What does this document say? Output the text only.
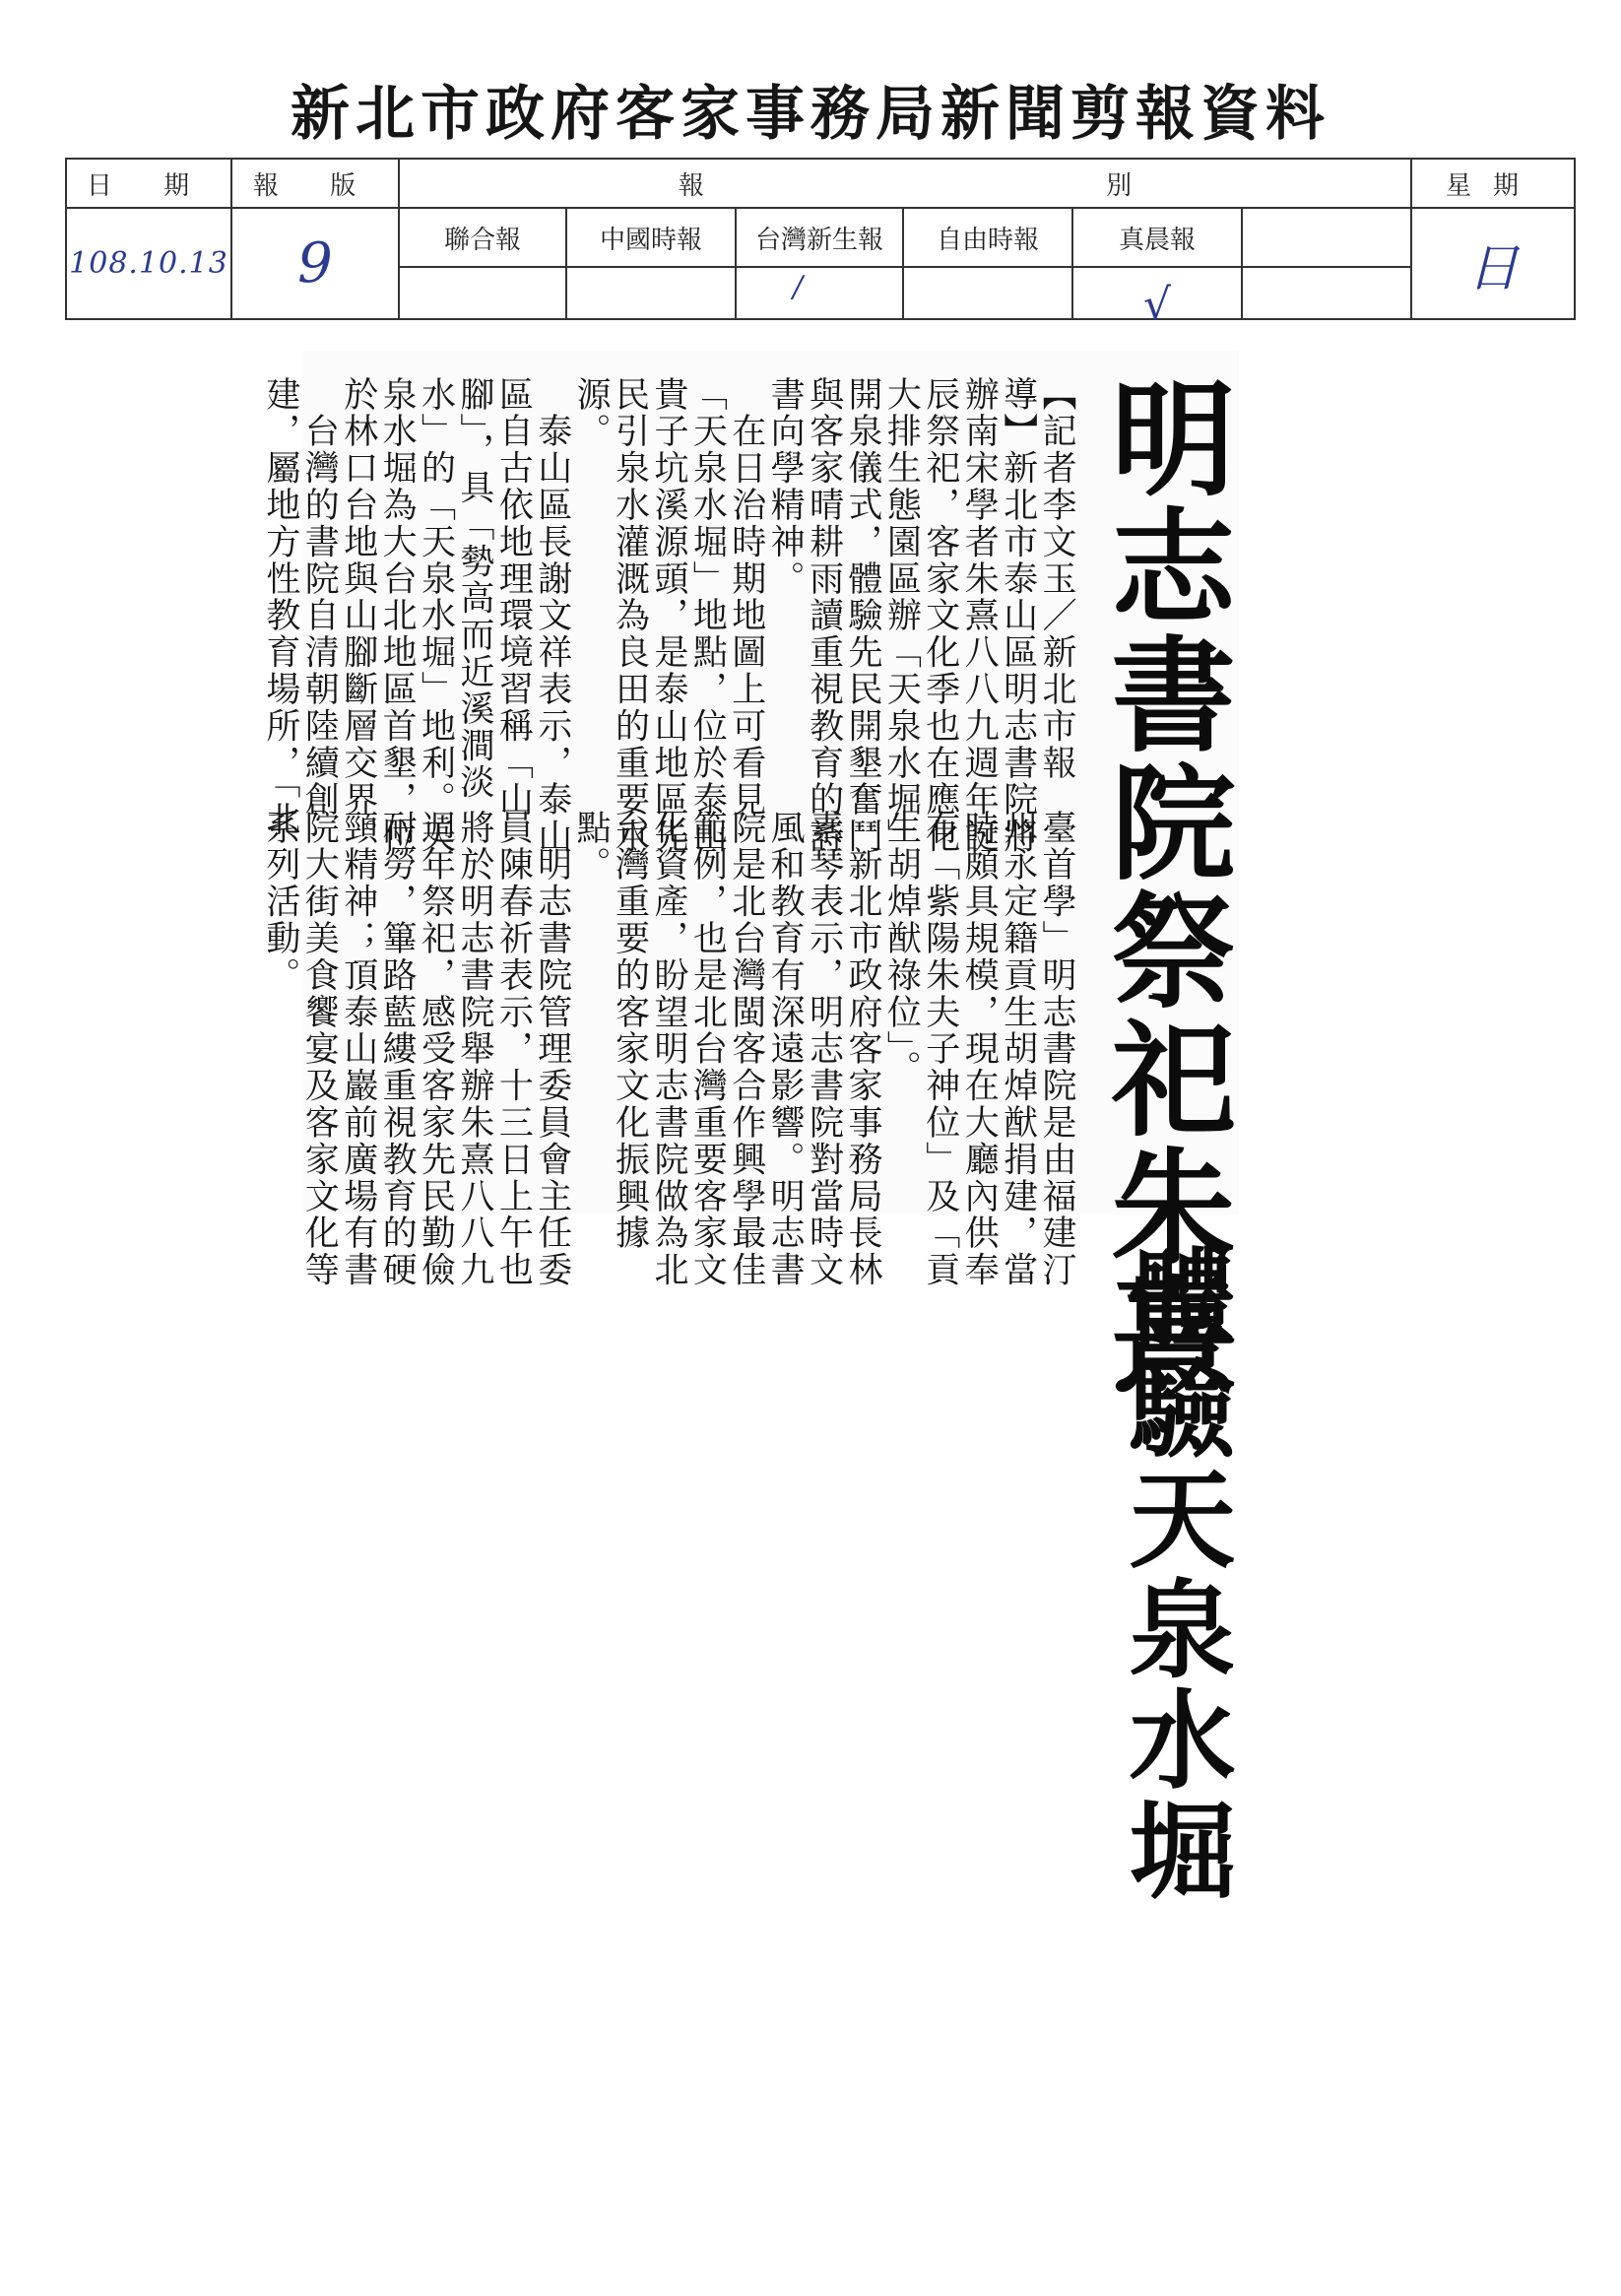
新北市政府客家事務局新聞剪報資料
日 期	報 版	報 別						星期
108.10.13	9	聯合報	中國時報	台灣新生報	自由時報	真晨報		日
				/		√		
明志書院祭祀朱熹
體驗天泉水堀
【記者李文玉／新北市報
導】新北市泰山區明志書院將
辦南宋學者朱熹八八九週年誕
辰祭祀，客家文化季也在應化
大排生態園區辦「天泉水堀」
開泉儀式，體驗先民開墾奮鬥
與客家晴耕雨讀重視教育的詩
書向學精神。
　在日治時期地圖上可看見
「天泉水堀」地點，位於泰山
貴子坑溪源頭，是泰山地區先
民引泉水灌溉為良田的重要水
源。
　泰山區長謝文祥表示，泰山
區自古依地理環境習稱「山
腳」，具「勢高而近溪澗淡
水」的「天泉水堀」地利。天
泉水堀為大台北地區首墾，位
於林口台地與山腳斷層交界。
　台灣的書院自清朝陸續創
建，屬地方性教育場所，「北
臺首學」明志書院是由福建汀
州永定籍貢生胡焯猷捐建，當
時頗具規模，現在大廳內供奉
有「紫陽朱夫子神位」及「貢
生胡焯猷祿位」。
　新北市政府客家事務局長林
素琴表示，明志書院對當時文
風和教育有深遠影響。明志書
院是北台灣閩客合作興學最佳
範例，也是北台灣重要客家文
化資產，盼望明志書院做為北
台灣重要的客家文化振興據
點。
　明志書院管理委員會主任委
員陳春祈表示，十三日上午也
將於明志書院舉辦朱熹八八九
週年祭祀，感受客家先民勤儉
耐勞，篳路藍縷重視教育的硬
頸精神；頂泰山巖前廣場有書
院大街美食饗宴及客家文化等
系列活動。
